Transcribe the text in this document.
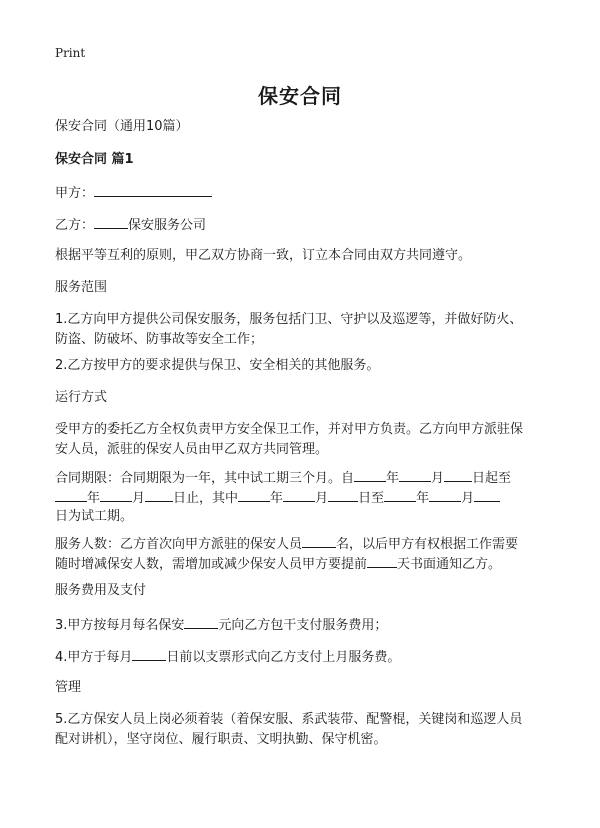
Print
保安合同
保安合同（通用10篇）
保安合同 篇1
甲方：
乙方：	保安服务公司
根据平等互利的原则，甲乙双方协商一致，订立本合同由双方共同遵守。
服务范围
1.乙方向甲方提供公司保安服务，服务包括门卫、守护以及巡逻等，并做好防火、
防盗、防破坏、防事故等安全工作；
2.乙方按甲方的要求提供与保卫、安全相关的其他服务。
运行方式
受甲方的委托乙方全权负责甲方安全保卫工作，并对甲方负责。乙方向甲方派驻保
安人员，派驻的保安人员由甲乙双方共同管理。
合同期限：合同期限为一年，其中试工期三个月。自 年 月 日起至
年 月 日止，其中 年 月 日至 年 月
日为试工期。
服务人数：乙方首次向甲方派驻的保安人员	名，以后甲方有权根据工作需要
随时增减保安人数，需增加或减少保安人员甲方要提前 天书面通知乙方。
服务费用及支付
3.甲方按每月每名保安	元向乙方包干支付服务费用；
4.甲方于每月	日前以支票形式向乙方支付上月服务费。
管理
5.乙方保安人员上岗必须着装（着保安服、系武装带、配警棍，关键岗和巡逻人员
配对讲机），坚守岗位、履行职责、文明执勤、保守机密。
